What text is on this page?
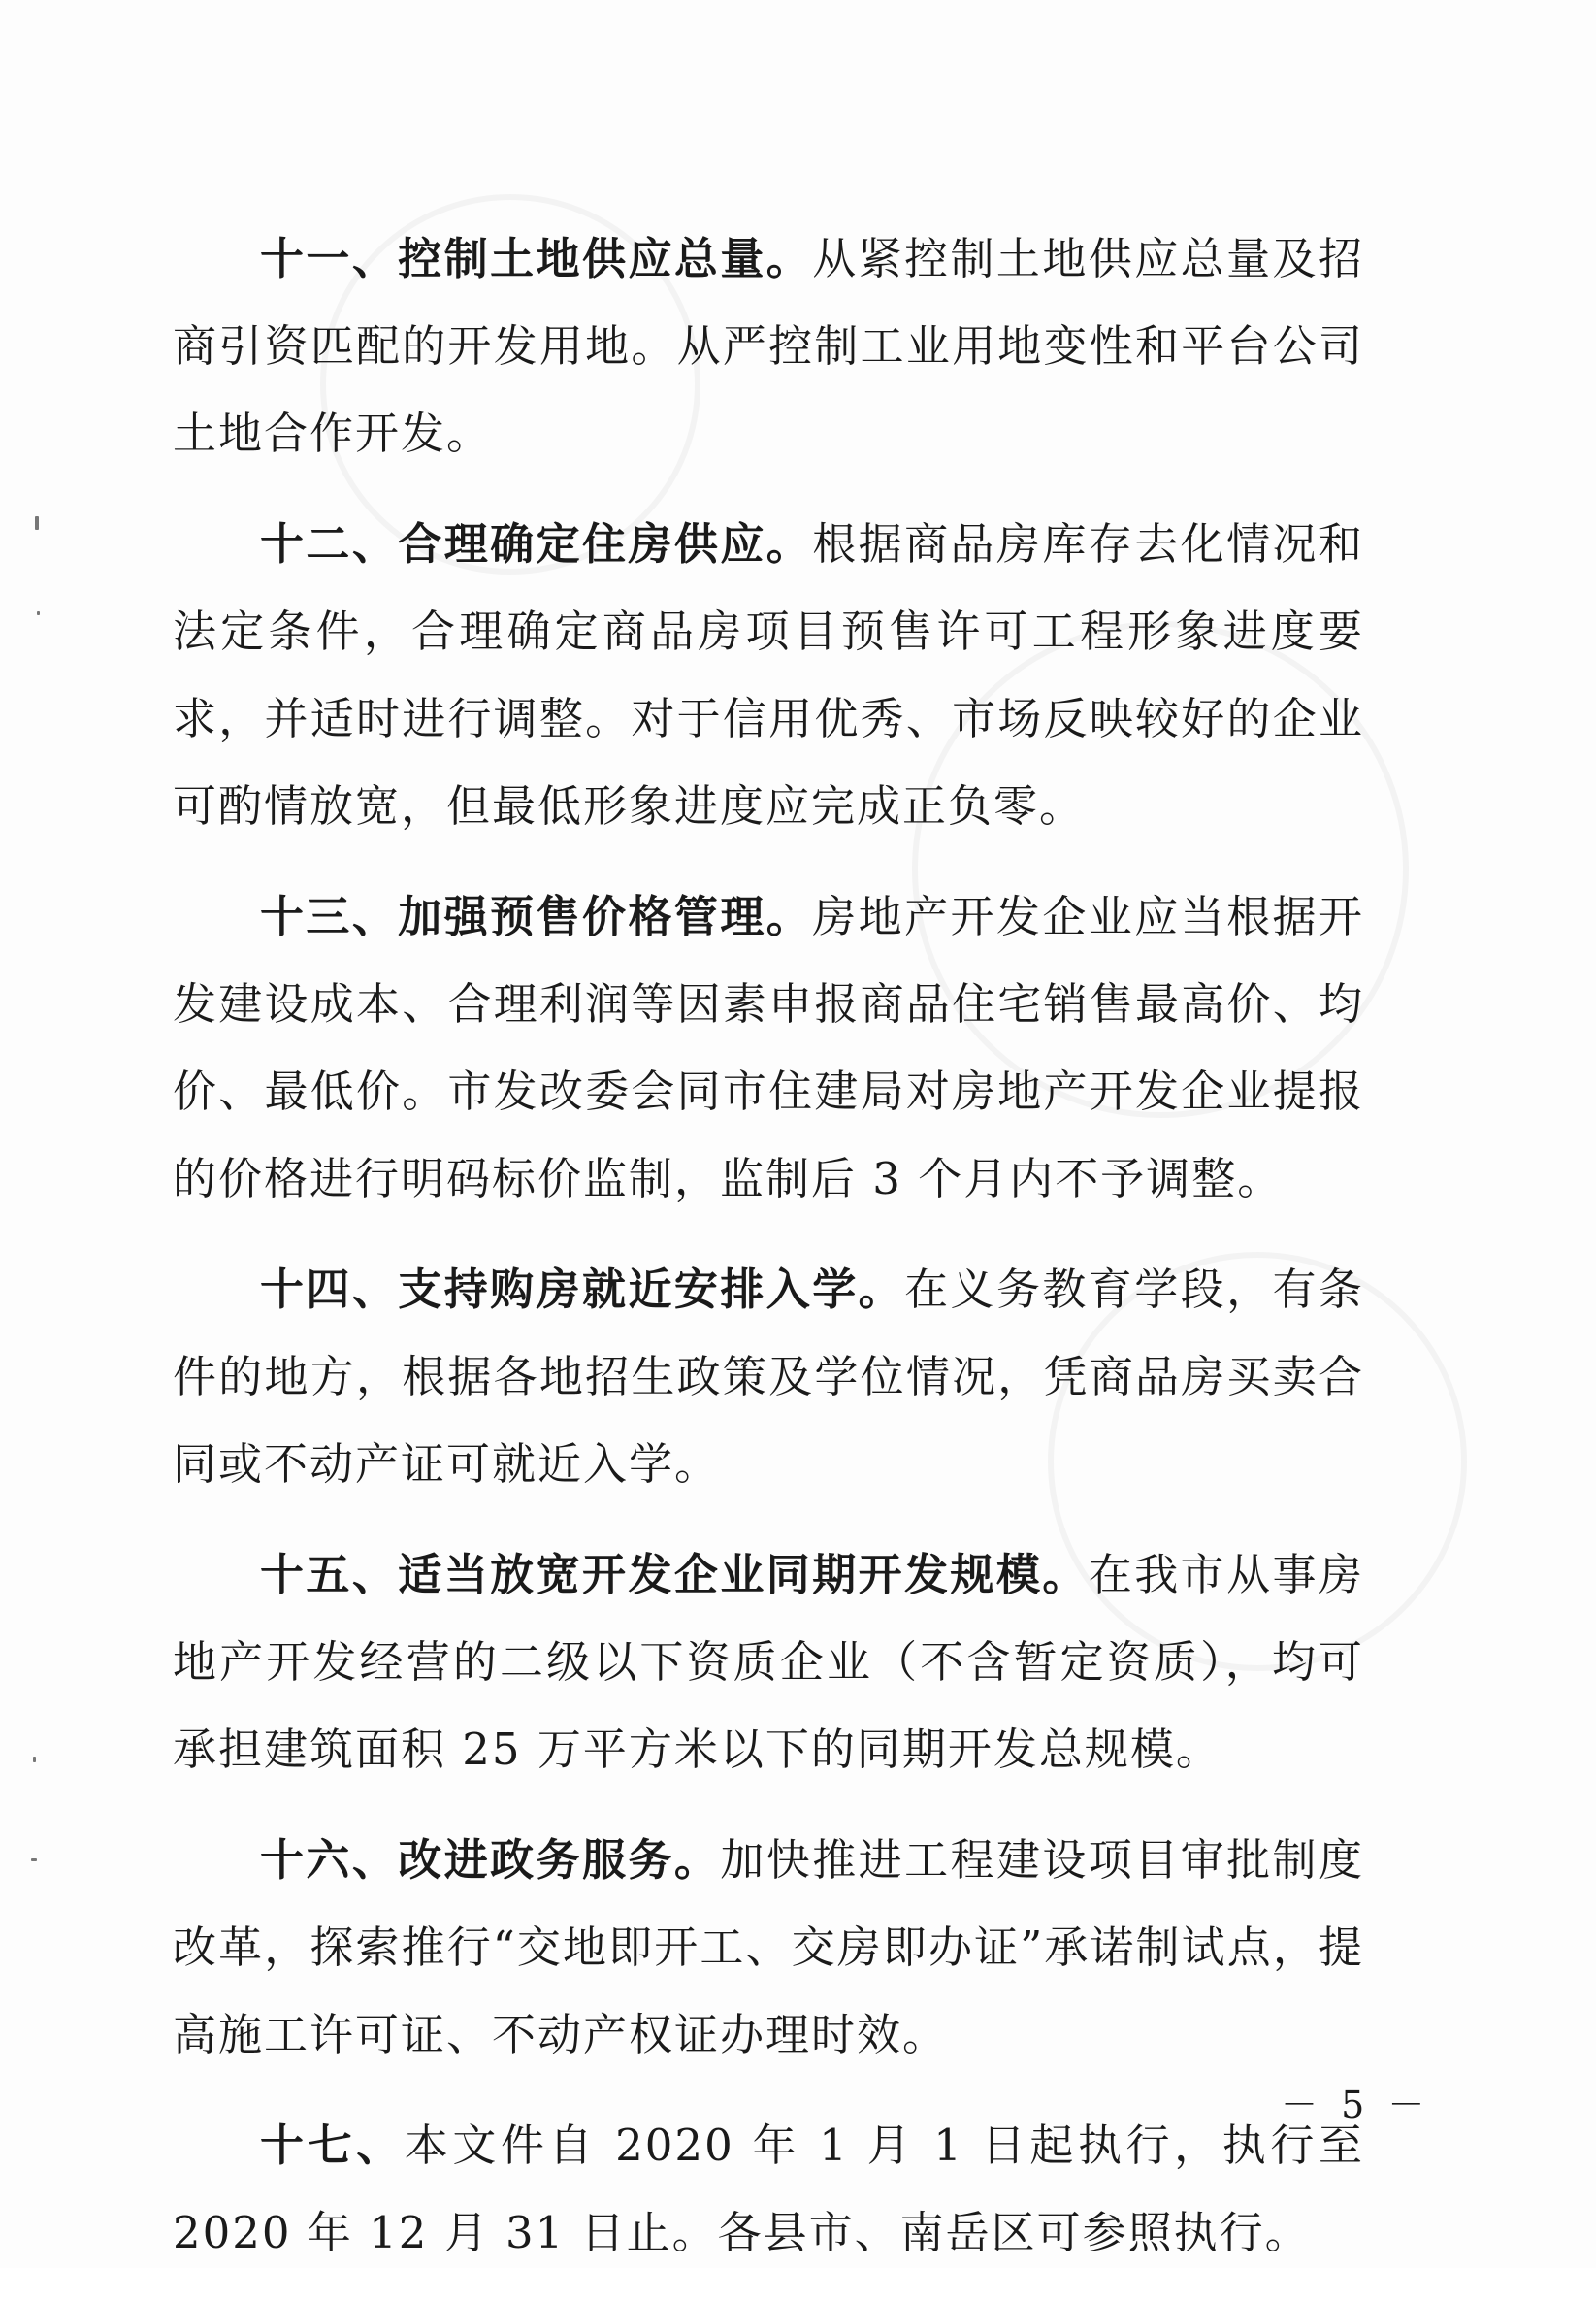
十一、控制土地供应总量。从紧控制土地供应总量及招商引资匹配的开发用地。从严控制工业用地变性和平台公司土地合作开发。

十二、合理确定住房供应。根据商品房库存去化情况和法定条件，合理确定商品房项目预售许可工程形象进度要求，并适时进行调整。对于信用优秀、市场反映较好的企业可酌情放宽，但最低形象进度应完成正负零。

十三、加强预售价格管理。房地产开发企业应当根据开发建设成本、合理利润等因素申报商品住宅销售最高价、均价、最低价。市发改委会同市住建局对房地产开发企业提报的价格进行明码标价监制，监制后 3 个月内不予调整。

十四、支持购房就近安排入学。在义务教育学段，有条件的地方，根据各地招生政策及学位情况，凭商品房买卖合同或不动产证可就近入学。

十五、适当放宽开发企业同期开发规模。在我市从事房地产开发经营的二级以下资质企业（不含暂定资质），均可承担建筑面积 25 万平方米以下的同期开发总规模。

十六、改进政务服务。加快推进工程建设项目审批制度改革，探索推行“交地即开工、交房即办证”承诺制试点，提高施工许可证、不动产权证办理时效。

十七、本文件自 2020 年 1 月 1 日起执行，执行至 2020 年 12 月 31 日止。各县市、南岳区可参照执行。

－ 5 －
